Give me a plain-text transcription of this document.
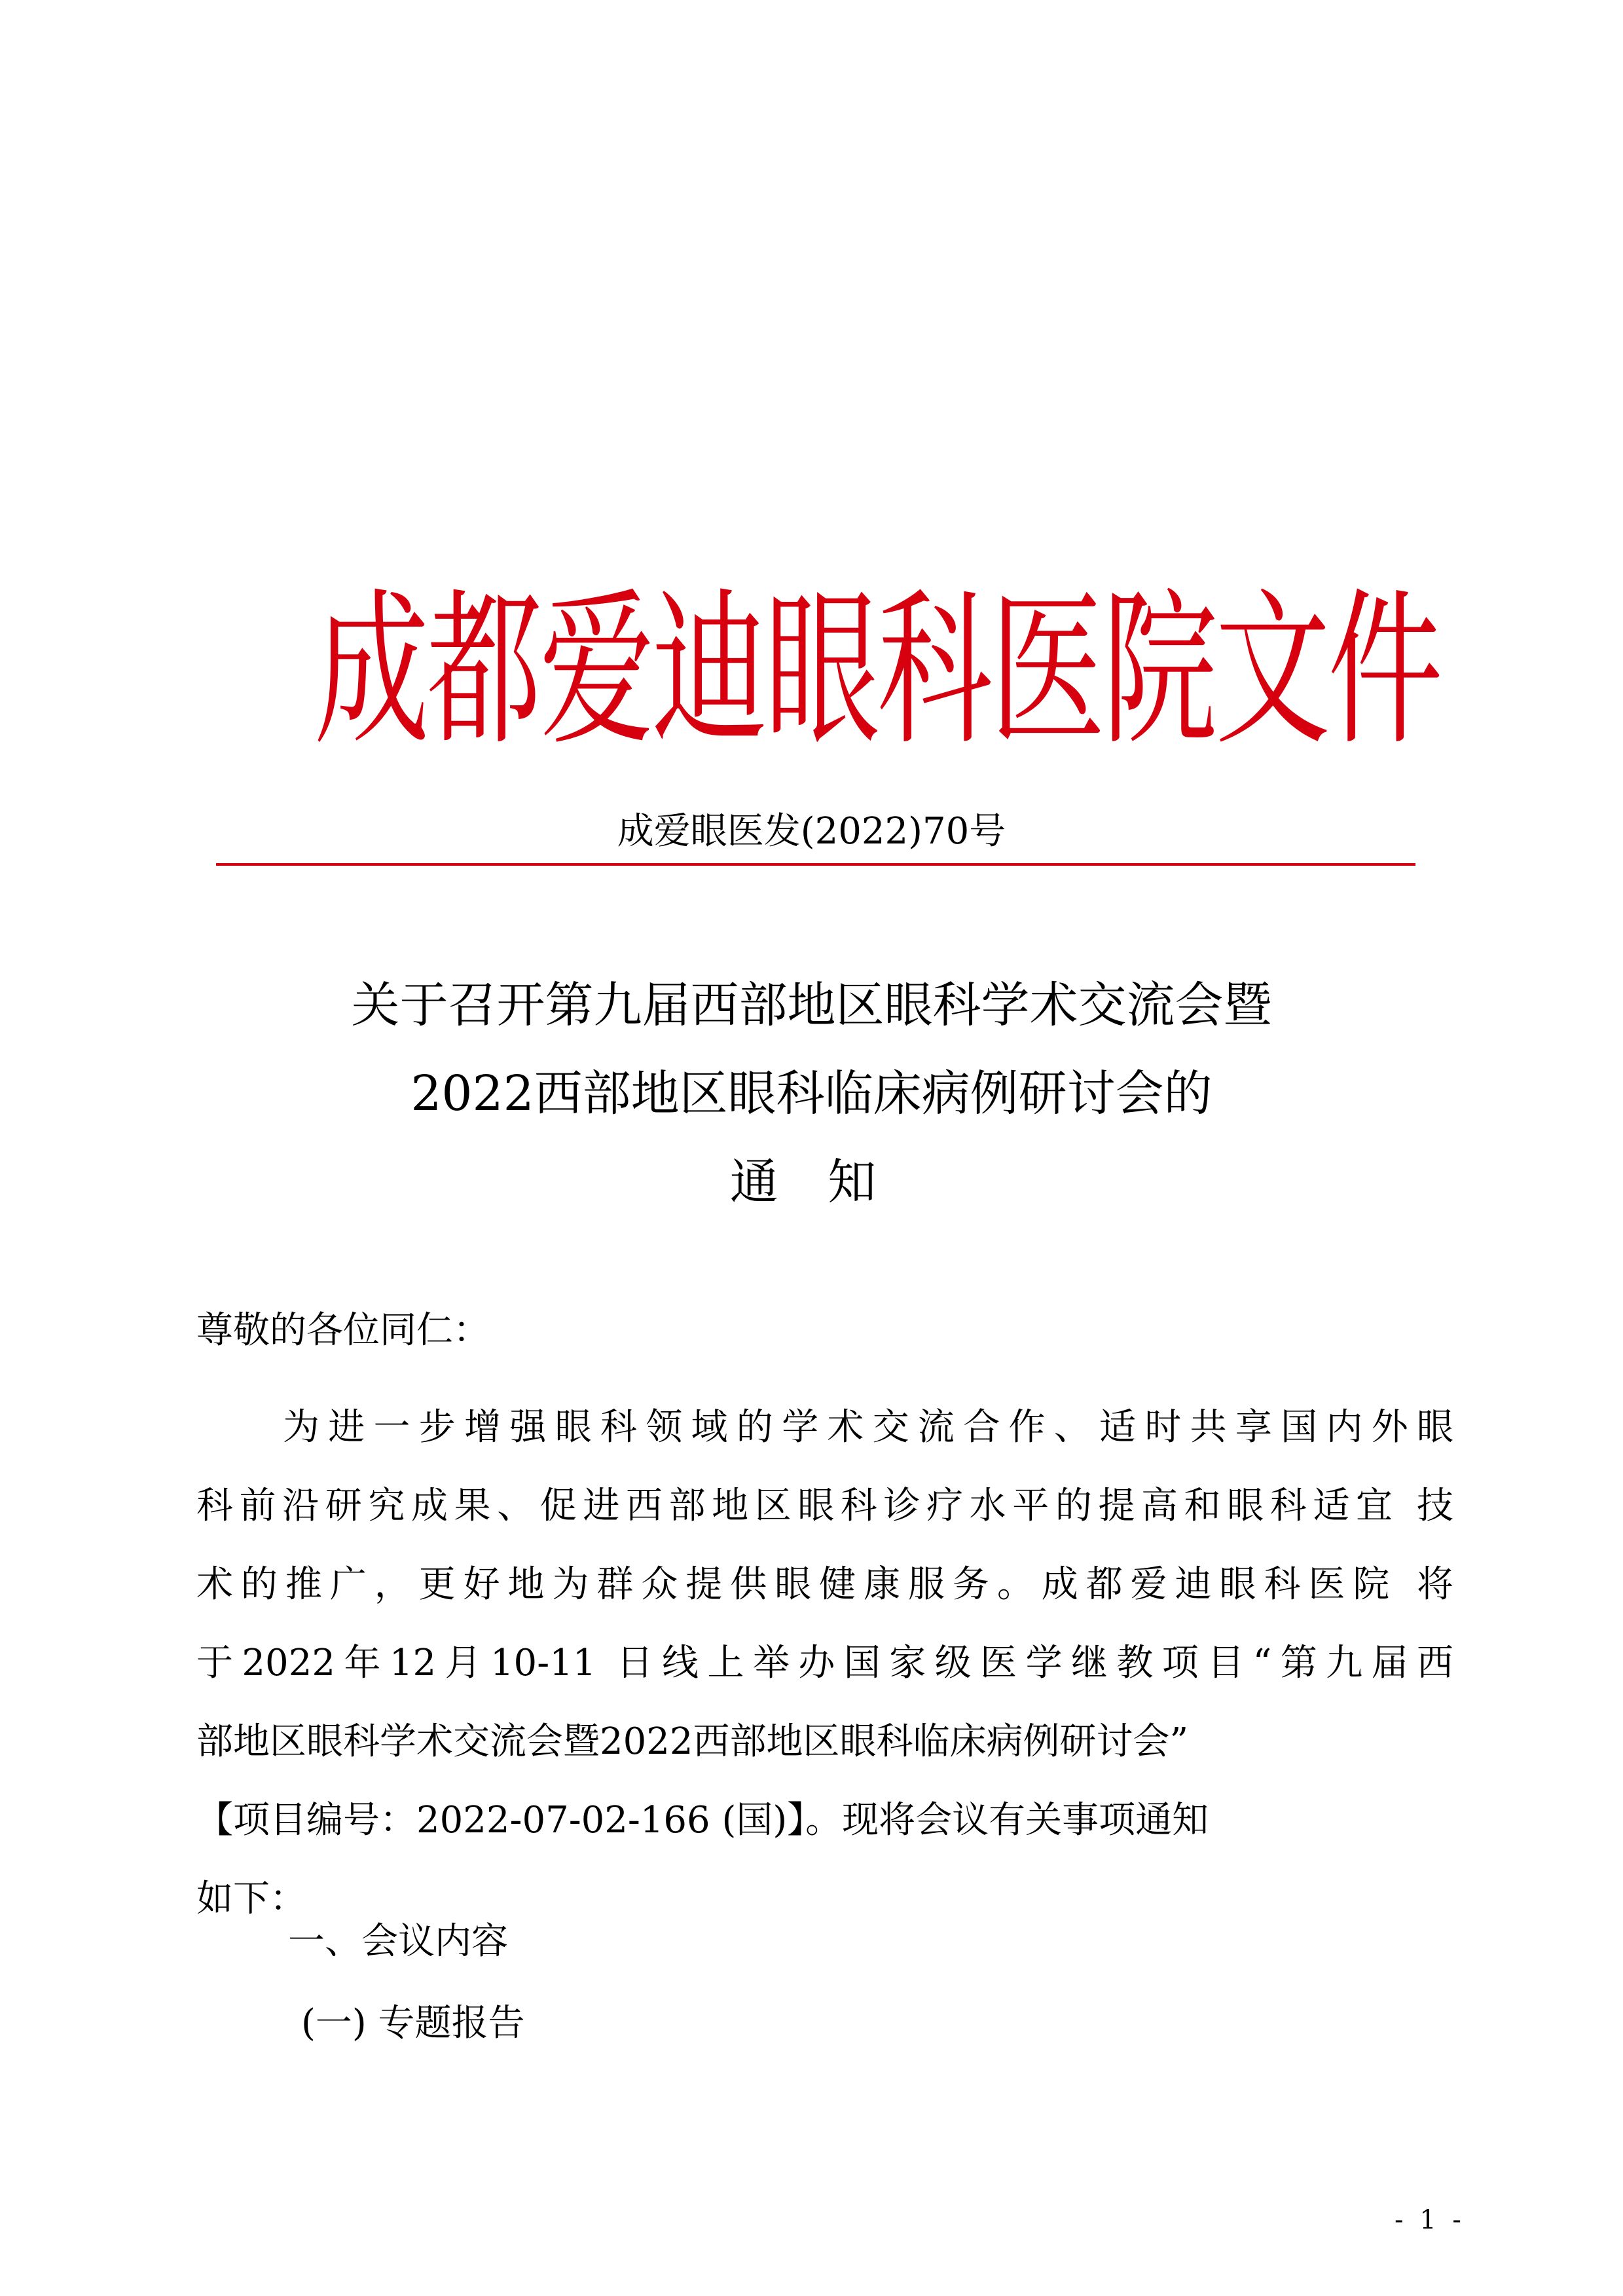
成都爱迪眼科医院文件
成爱眼医发(2022)70号
关于召开第九届西部地区眼科学术交流会暨
2022西部地区眼科临床病例研讨会的
通 知
尊敬的各位同仁：
为进一步增强眼科领域的学术交流合作、适时共享国内外眼
科前沿研究成果、促进西部地区眼科诊疗水平的提高和眼科适宜 技
术的推广，更好地为群众提供眼健康服务。成都爱迪眼科医院 将
于2022年12月10-11 日线上举办国家级医学继教项目“第九届西
部地区眼科学术交流会暨2022西部地区眼科临床病例研讨会”
【项目编号：2022-07-02-166 (国)】。现将会议有关事项通知
如下：
一、会议内容
(一) 专题报告
- 1 -
